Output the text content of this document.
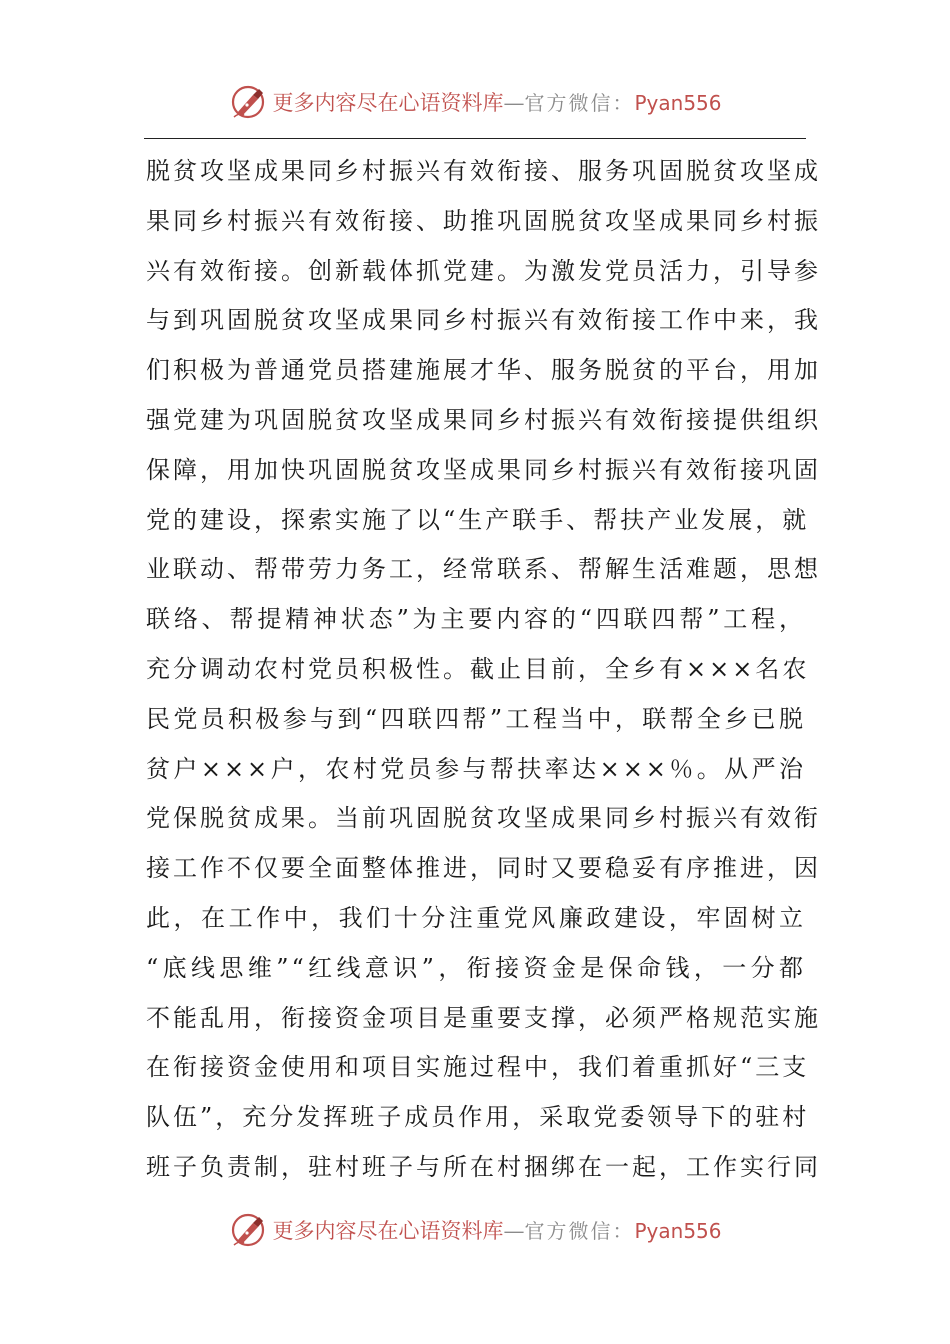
更多内容尽在心语资料库 — 官方微信： Pyan556
脱贫攻坚成果同乡村振兴有效衔接、服务巩固脱贫攻坚成
果同乡村振兴有效衔接、助推巩固脱贫攻坚成果同乡村振
兴有效衔接。创新载体抓党建。为激发党员活力，引导参
与到巩固脱贫攻坚成果同乡村振兴有效衔接工作中来，我
们积极为普通党员搭建施展才华、服务脱贫的平台，用加
强党建为巩固脱贫攻坚成果同乡村振兴有效衔接提供组织
保障，用加快巩固脱贫攻坚成果同乡村振兴有效衔接巩固
党的建设，探索实施了以“生产联手、帮扶产业发展，就
业联动、帮带劳力务工，经常联系、帮解生活难题，思想
联络、帮提精神状态”为主要内容的“四联四帮”工程，
充分调动农村党员积极性。截止目前，全乡有×××名农
民党员积极参与到“四联四帮”工程当中，联帮全乡已脱
贫户×××户，农村党员参与帮扶率达×××％。从严治
党保脱贫成果。当前巩固脱贫攻坚成果同乡村振兴有效衔
接工作不仅要全面整体推进，同时又要稳妥有序推进，因
此，在工作中，我们十分注重党风廉政建设，牢固树立
“底线思维”“红线意识”，衔接资金是保命钱，一分都
不能乱用，衔接资金项目是重要支撑，必须严格规范实施
在衔接资金使用和项目实施过程中，我们着重抓好“三支
队伍”，充分发挥班子成员作用，采取党委领导下的驻村
班子负责制，驻村班子与所在村捆绑在一起，工作实行同
更多内容尽在心语资料库 — 官方微信： Pyan556
